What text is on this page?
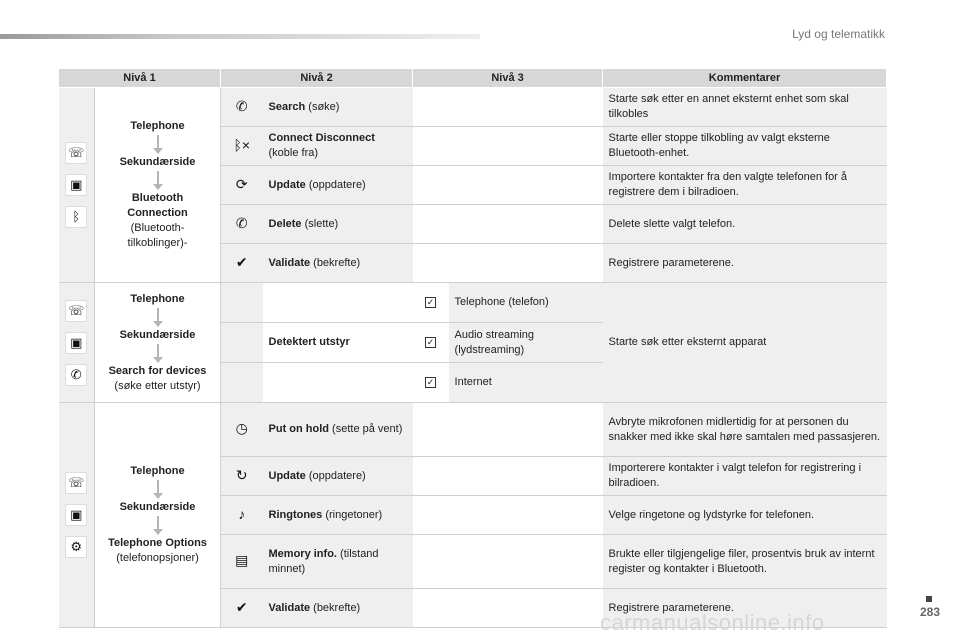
Lyd og telematikk
Nivå 1		Nivå 2		Nivå 3		Kommentarer

☏
▣
ᛒ	Telephone
Sekundærside
Bluetooth Connection
(Bluetooth-tilkoblinger)-	✆	Search (søke)			Starte søk etter en annet eksternt enhet som skal tilkobles
		ᛒ×	Connect Disconnect
(koble fra)			Starte eller stoppe tilkobling av valgt eksterne Bluetooth-enhet.
		⟳	Update (oppdatere)			Importere kontakter fra den valgte telefonen for å registrere dem i bilradioen.
		✆	Delete (slette)			Delete slette valgt telefon.
		✔	Validate (bekrefte)			Registrere parameterene.

☏
▣
✆	Telephone
Sekundærside
Search for devices
(søke etter utstyr)			✓	Telephone (telefon)	Starte søk etter eksternt apparat
			Detektert utstyr	✓	Audio streaming (lydstreaming)	
				✓	Internet	

☏
▣
⚙	Telephone
Sekundærside
Telephone Options
(telefonopsjoner)	◷	Put on hold (sette på vent)			Avbryte mikrofonen midlertidig for at personen du snakker med ikke skal høre samtalen med passasjeren.
		↻	Update (oppdatere)			Importerere kontakter i valgt telefon for registrering i bilradioen.
		♪	Ringtones (ringetoner)			Velge ringetone og lydstyrke for telefonen.
		▤	Memory info. (tilstand minnet)			Brukte eller tilgjengelige filer, prosentvis bruk av internt register og kontakter i Bluetooth.
		✔	Validate (bekrefte)			Registrere parameterene.	283
carmanualsonline.info
